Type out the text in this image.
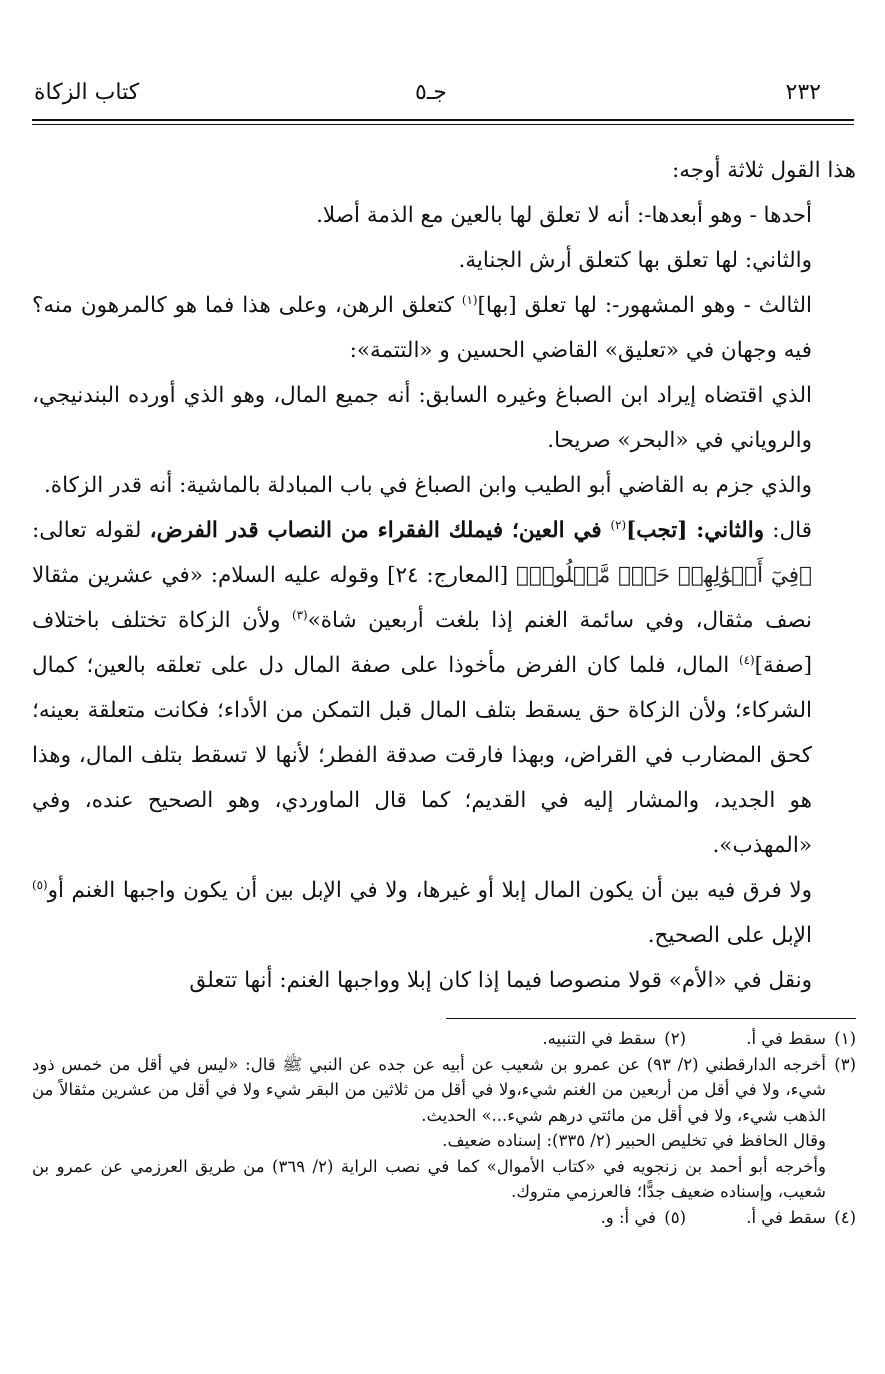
٢٣٢
جـ٥
كتاب الزكاة

هذا القول ثلاثة أوجه:

أحدها - وهو أبعدها-: أنه لا تعلق لها بالعين مع الذمة أصلا.

والثاني: لها تعلق بها كتعلق أرش الجناية.

الثالث - وهو المشهور-: لها تعلق [بها]$^{(١)}$ كتعلق الرهن، وعلى هذا فما هو كالمرهون منه؟ فيه وجهان في «تعليق» القاضي الحسين و «التتمة»:

الذي اقتضاه إيراد ابن الصباغ وغيره السابق: أنه جميع المال، وهو الذي أورده البندنيجي، والروياني في «البحر» صريحا.

والذي جزم به القاضي أبو الطيب وابن الصباغ في باب المبادلة بالماشية: أنه قدر الزكاة.

قال: والثاني: [تجب]$^{(٢)}$ في العين؛ فيملك الفقراء من النصاب قدر الفرض، لقوله تعالى: ﴿فِيٓ أَمۡوَٰلِهِمۡ حَقّٞ مَّعۡلُومٞ﴾ [المعارج: ٢٤] وقوله عليه السلام: «في عشرين مثقالا نصف مثقال، وفي سائمة الغنم إذا بلغت أربعين شاة»$^{(٣)}$ ولأن الزكاة تختلف باختلاف [صفة]$^{(٤)}$ المال، فلما كان الفرض مأخوذا على صفة المال دل على تعلقه بالعين؛ كمال الشركاء؛ ولأن الزكاة حق يسقط بتلف المال قبل التمكن من الأداء؛ فكانت متعلقة بعينه؛ كحق المضارب في القراض، وبهذا فارقت صدقة الفطر؛ لأنها لا تسقط بتلف المال، وهذا هو الجديد، والمشار إليه في القديم؛ كما قال الماوردي، وهو الصحيح عنده، وفي «المهذب».

ولا فرق فيه بين أن يكون المال إبلا أو غيرها، ولا في الإبل بين أن يكون واجبها الغنم أو$^{(٥)}$ الإبل على الصحيح.

ونقل في «الأم» قولا منصوصا فيما إذا كان إبلا وواجبها الغنم: أنها تتعلق

(١)
سقط في أ.
(٢)
سقط في التنبيه.
(٣)
أخرجه الدارقطني (٢/ ٩٣) عن عمرو بن شعيب عن أبيه عن جده عن النبي ﷺ قال: «ليس في أقل من خمس ذود شيء، ولا في أقل من أربعين من الغنم شيء،ولا في أقل من ثلاثين من البقر شيء ولا في أقل من عشرين مثقالاً من الذهب شيء، ولا في أقل من مائتي درهم شيء...» الحديث.
وقال الحافظ في تخليص الحبير (٢/ ٣٣٥): إسناده ضعيف.
وأخرجه أبو أحمد بن زنجويه في «كتاب الأموال» كما في نصب الراية (٢/ ٣٦٩) من طريق العرزمي عن عمرو بن شعيب، وإسناده ضعيف جدًّا؛ فالعرزمي متروك.
(٤)
سقط في أ.
(٥)
في أ: و.
